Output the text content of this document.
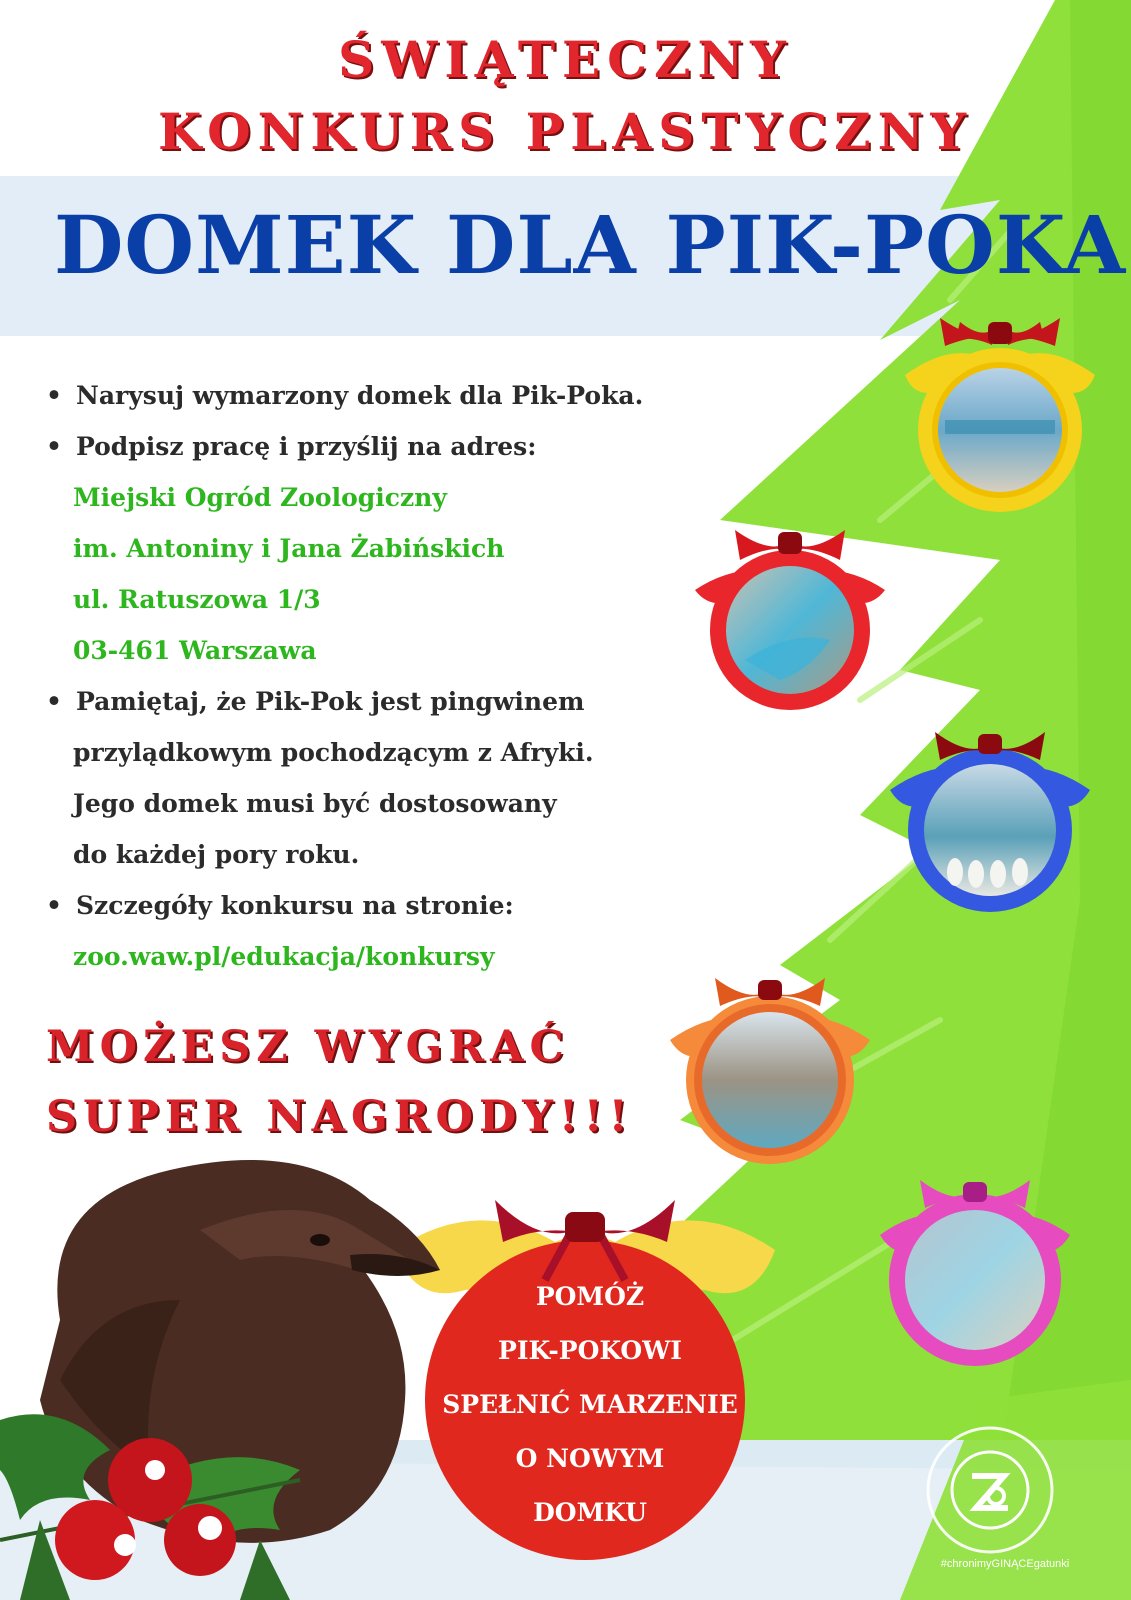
ŚWIĄTECZNY
KONKURS PLASTYCZNY
DOMEK DLA PIK-POKA
• Narysuj wymarzony domek dla Pik-Poka.
• Podpisz pracę i przyślij na adres:
Miejski Ogród Zoologiczny
im. Antoniny i Jana Żabińskich
ul. Ratuszowa 1/3
03-461 Warszawa
• Pamiętaj, że Pik-Pok jest pingwinem
przylądkowym pochodzącym z Afryki.
Jego domek musi być dostosowany
do każdej pory roku.
• Szczegóły konkursu na stronie:
zoo.waw.pl/edukacja/konkursy
MOŻESZ WYGRAĆ
SUPER NAGRODY!!!
POMÓŻ
PIK-POKOWI
SPEŁNIĆ MARZENIE
O NOWYM
DOMKU
#chronimyGINĄCEgatunki
